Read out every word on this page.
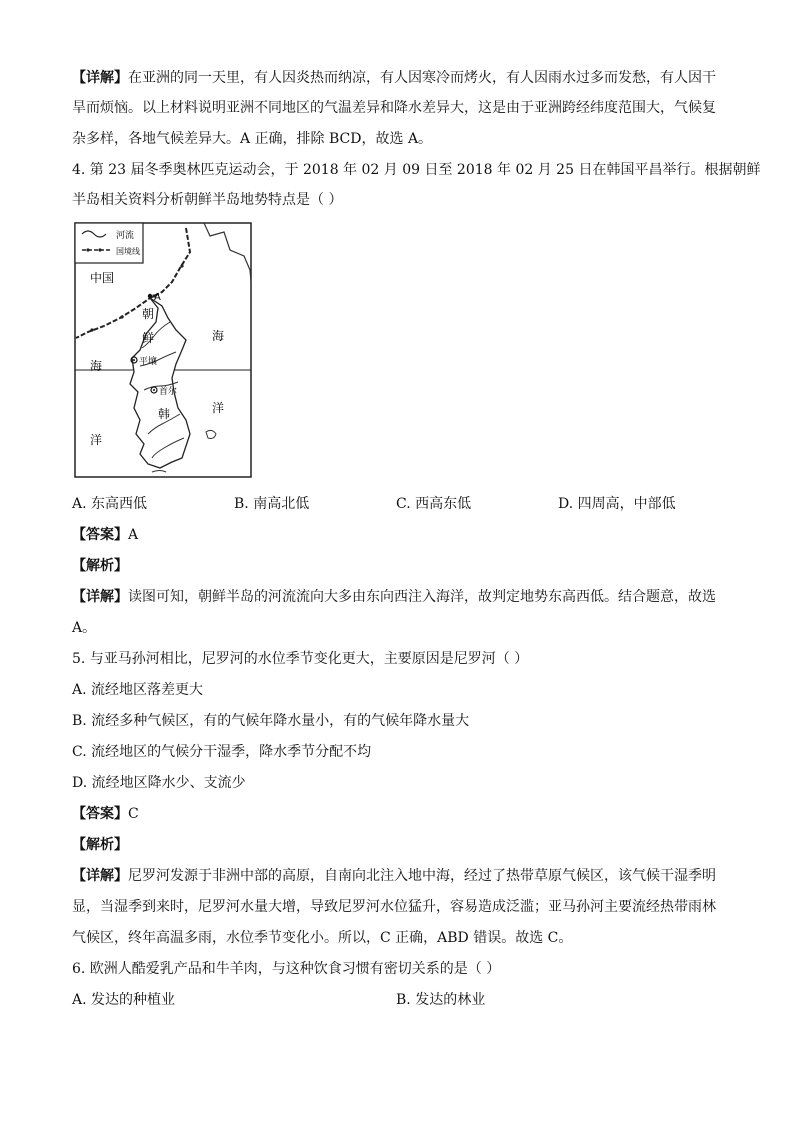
【详解】在亚洲的同一天里，有人因炎热而纳凉，有人因寒冷而烤火，有人因雨水过多而发愁，有人因干
旱而烦恼。以上材料说明亚洲不同地区的气温差异和降水差异大，这是由于亚洲跨经纬度范围大，气候复
杂多样，各地气候差异大。A 正确，排除 BCD，故选 A。
4. 第 23 届冬季奥林匹克运动会，于 2018 年 02 月 09 日至 2018 年 02 月 25 日在韩国平昌举行。根据朝鲜
半岛相关资料分析朝鲜半岛地势特点是（ ）
河流
国境线
A
平壤
首尔
中国
朝
鲜
韩
海
洋
海
洋
A. 东高西低	B. 南高北低	C. 西高东低	D. 四周高，中部低
【答案】A
【解析】
【详解】读图可知，朝鲜半岛的河流流向大多由东向西注入海洋，故判定地势东高西低。结合题意，故选
A。
5. 与亚马孙河相比，尼罗河的水位季节变化更大，主要原因是尼罗河（ ）
A. 流经地区落差更大
B. 流经多种气候区，有的气候年降水量小，有的气候年降水量大
C. 流经地区的气候分干湿季，降水季节分配不均
D. 流经地区降水少、支流少
【答案】C
【解析】
【详解】尼罗河发源于非洲中部的高原，自南向北注入地中海，经过了热带草原气候区，该气候干湿季明
显，当湿季到来时，尼罗河水量大增，导致尼罗河水位猛升，容易造成泛滥；亚马孙河主要流经热带雨林
气候区，终年高温多雨，水位季节变化小。所以，C 正确，ABD 错误。故选 C。
6. 欧洲人酷爱乳产品和牛羊肉，与这种饮食习惯有密切关系的是（ ）
A. 发达的种植业	B. 发达的林业
